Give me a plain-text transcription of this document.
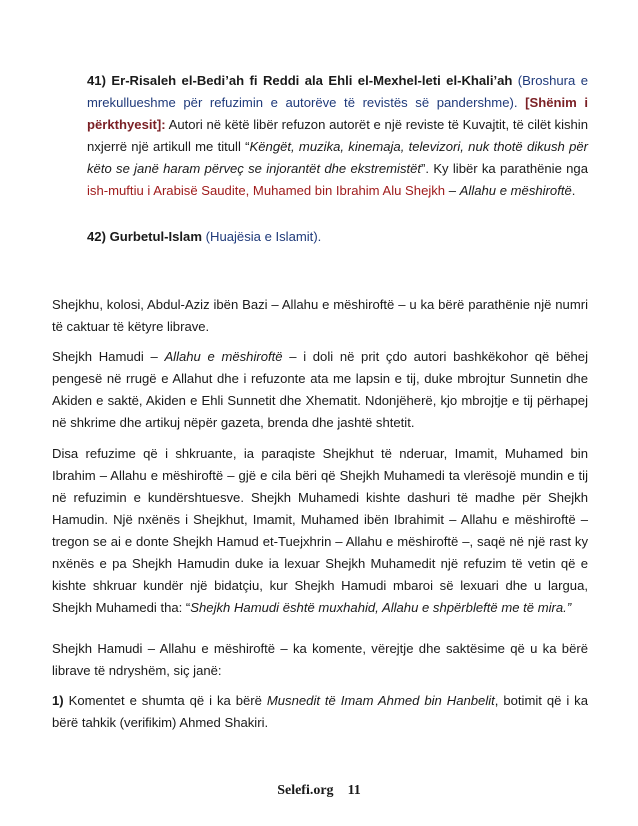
41) Er-Risaleh el-Bedi’ah fi Reddi ala Ehli el-Mexhel-leti el-Khali’ah (Broshura e mrekullueshme për refuzimin e autorëve të revistës së pandershme). [Shënim i përkthyesit]: Autori në këtë libër refuzon autorët e një reviste të Kuvajtit, të cilët kishin nxjerrë një artikull me titull “Këngët, muzika, kinemaja, televizori, nuk thotë dikush për këto se janë haram përveç se injorantët dhe ekstremistët”. Ky libër ka parathënie nga ish-muftiu i Arabisë Saudite, Muhamed bin Ibrahim Alu Shejkh – Allahu e mëshiroftë.

42) Gurbetul-Islam (Huajësia e Islamit).

Shejkhu, kolosi, Abdul-Aziz ibën Bazi – Allahu e mëshiroftë – u ka bërë parathënie një numri të caktuar të këtyre librave.

Shejkh Hamudi – Allahu e mëshiroftë – i doli në prit çdo autori bashkëkohor që bëhej pengesë në rrugë e Allahut dhe i refuzonte ata me lapsin e tij, duke mbrojtur Sunnetin dhe Akiden e saktë, Akiden e Ehli Sunnetit dhe Xhematit. Ndonjëherë, kjo mbrojtje e tij përhapej në shkrime dhe artikuj nëpër gazeta, brenda dhe jashtë shtetit.

Disa refuzime që i shkruante, ia paraqiste Shejkhut të nderuar, Imamit, Muhamed bin Ibrahim – Allahu e mëshiroftë – gjë e cila bëri që Shejkh Muhamedi ta vlerësojë mundin e tij në refuzimin e kundërshtuesve. Shejkh Muhamedi kishte dashuri të madhe për Shejkh Hamudin. Një nxënës i Shejkhut, Imamit, Muhamed ibën Ibrahimit – Allahu e mëshiroftë – tregon se ai e donte Shejkh Hamud et-Tuejxhrin – Allahu e mëshiroftë –, saqë në një rast ky nxënës e pa Shejkh Hamudin duke ia lexuar Shejkh Muhamedit një refuzim të vetin që e kishte shkruar kundër një bidatçiu, kur Shejkh Hamudi mbaroi së lexuari dhe u largua, Shejkh Muhamedi tha: “Shejkh Hamudi është muxhahid, Allahu e shpërbleftë me të mira.”

Shejkh Hamudi – Allahu e mëshiroftë – ka komente, vërejtje dhe saktësime që u ka bërë librave të ndryshëm, siç janë:

1) Komentet e shumta që i ka bërë Musnedit të Imam Ahmed bin Hanbelit, botimit që i ka bërë tahkik (verifikim) Ahmed Shakiri.

Selefi.org 11
